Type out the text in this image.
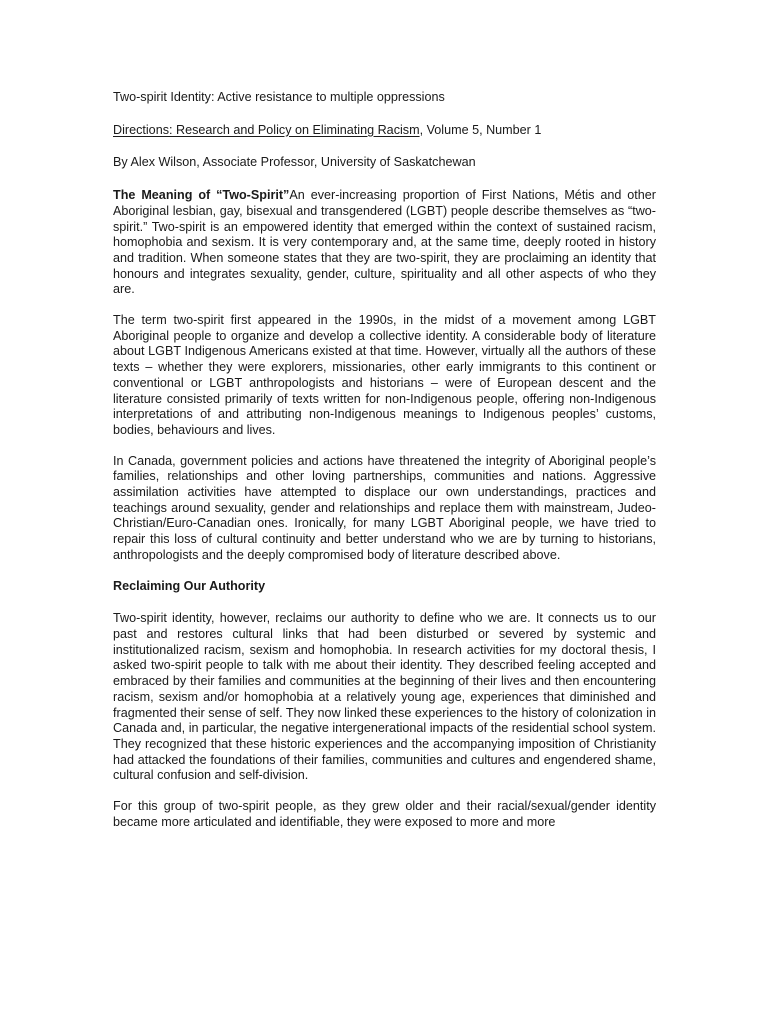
Two-spirit Identity: Active resistance to multiple oppressions
Directions: Research and Policy on Eliminating Racism, Volume 5, Number 1
By Alex Wilson, Associate Professor, University of Saskatchewan

The Meaning of “Two-Spirit”An ever-increasing proportion of First Nations, Métis and other Aboriginal lesbian, gay, bisexual and transgendered (LGBT) people describe themselves as “two-spirit.” Two-spirit is an empowered identity that emerged within the context of sustained racism, homophobia and sexism. It is very contemporary and, at the same time, deeply rooted in history and tradition. When someone states that they are two-spirit, they are proclaiming an identity that honours and integrates sexuality, gender, culture, spirituality and all other aspects of who they are.

The term two-spirit first appeared in the 1990s, in the midst of a movement among LGBT Aboriginal people to organize and develop a collective identity. A considerable body of literature about LGBT Indigenous Americans existed at that time. However, virtually all the authors of these texts – whether they were explorers, missionaries, other early immigrants to this continent or conventional or LGBT anthropologists and historians – were of European descent and the literature consisted primarily of texts written for non-Indigenous people, offering non-Indigenous interpretations of and attributing non-Indigenous meanings to Indigenous peoples’ customs, bodies, behaviours and lives.

In Canada, government policies and actions have threatened the integrity of Aboriginal people’s families, relationships and other loving partnerships, communities and nations. Aggressive assimilation activities have attempted to displace our own understandings, practices and teachings around sexuality, gender and relationships and replace them with mainstream, Judeo-Christian/Euro-Canadian ones. Ironically, for many LGBT Aboriginal people, we have tried to repair this loss of cultural continuity and better understand who we are by turning to historians, anthropologists and the deeply compromised body of literature described above.

Reclaiming Our Authority

Two-spirit identity, however, reclaims our authority to define who we are. It connects us to our past and restores cultural links that had been disturbed or severed by systemic and institutionalized racism, sexism and homophobia. In research activities for my doctoral thesis, I asked two-spirit people to talk with me about their identity. They described feeling accepted and embraced by their families and communities at the beginning of their lives and then encountering racism, sexism and/or homophobia at a relatively young age, experiences that diminished and fragmented their sense of self. They now linked these experiences to the history of colonization in Canada and, in particular, the negative intergenerational impacts of the residential school system. They recognized that these historic experiences and the accompanying imposition of Christianity had attacked the foundations of their families, communities and cultures and engendered shame, cultural confusion and self-division.

For this group of two-spirit people, as they grew older and their racial/sexual/gender identity became more articulated and identifiable, they were exposed to more and more
